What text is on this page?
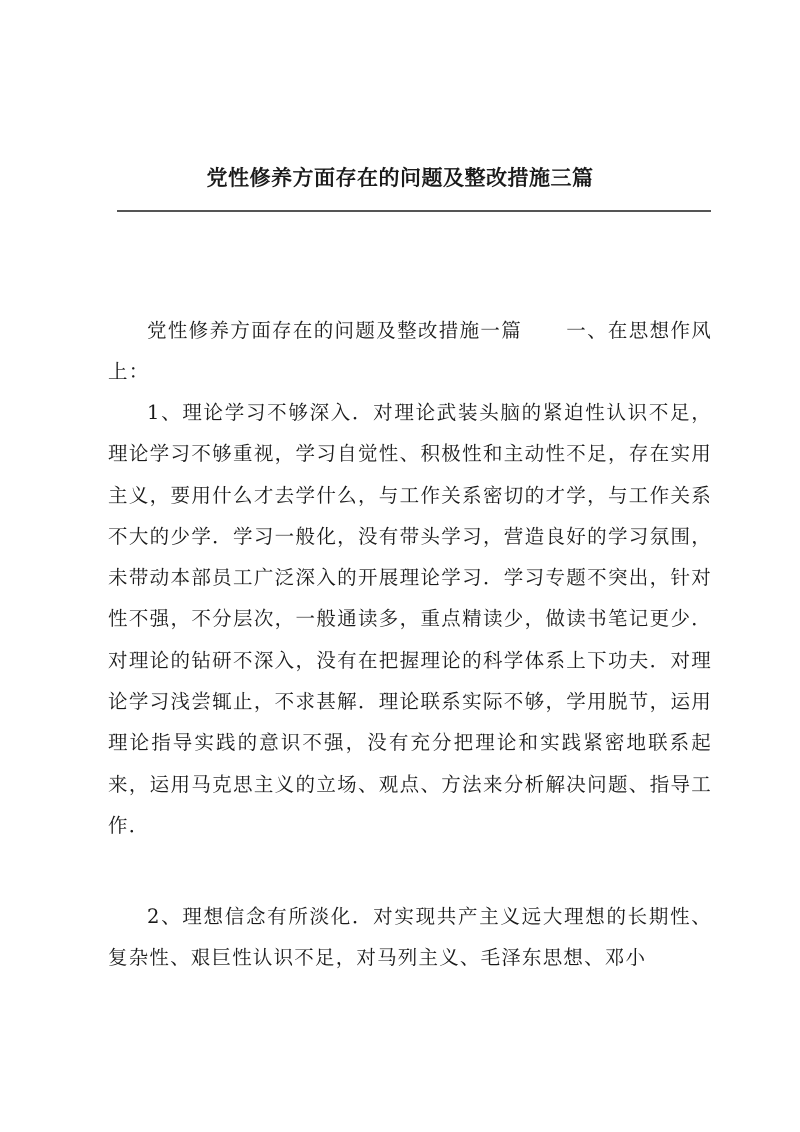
党性修养方面存在的问题及整改措施三篇

党性修养方面存在的问题及整改措施一篇 一、在思想作风上：

1、理论学习不够深入．对理论武装头脑的紧迫性认识不足，理论学习不够重视，学习自觉性、积极性和主动性不足，存在实用主义，要用什么才去学什么，与工作关系密切的才学，与工作关系不大的少学．学习一般化，没有带头学习，营造良好的学习氛围，未带动本部员工广泛深入的开展理论学习．学习专题不突出，针对性不强，不分层次，一般通读多，重点精读少，做读书笔记更少．对理论的钻研不深入，没有在把握理论的科学体系上下功夫．对理论学习浅尝辄止，不求甚解．理论联系实际不够，学用脱节，运用理论指导实践的意识不强，没有充分把理论和实践紧密地联系起来，运用马克思主义的立场、观点、方法来分析解决问题、指导工作．

2、理想信念有所淡化．对实现共产主义远大理想的长期性、复杂性、艰巨性认识不足，对马列主义、毛泽东思想、邓小
